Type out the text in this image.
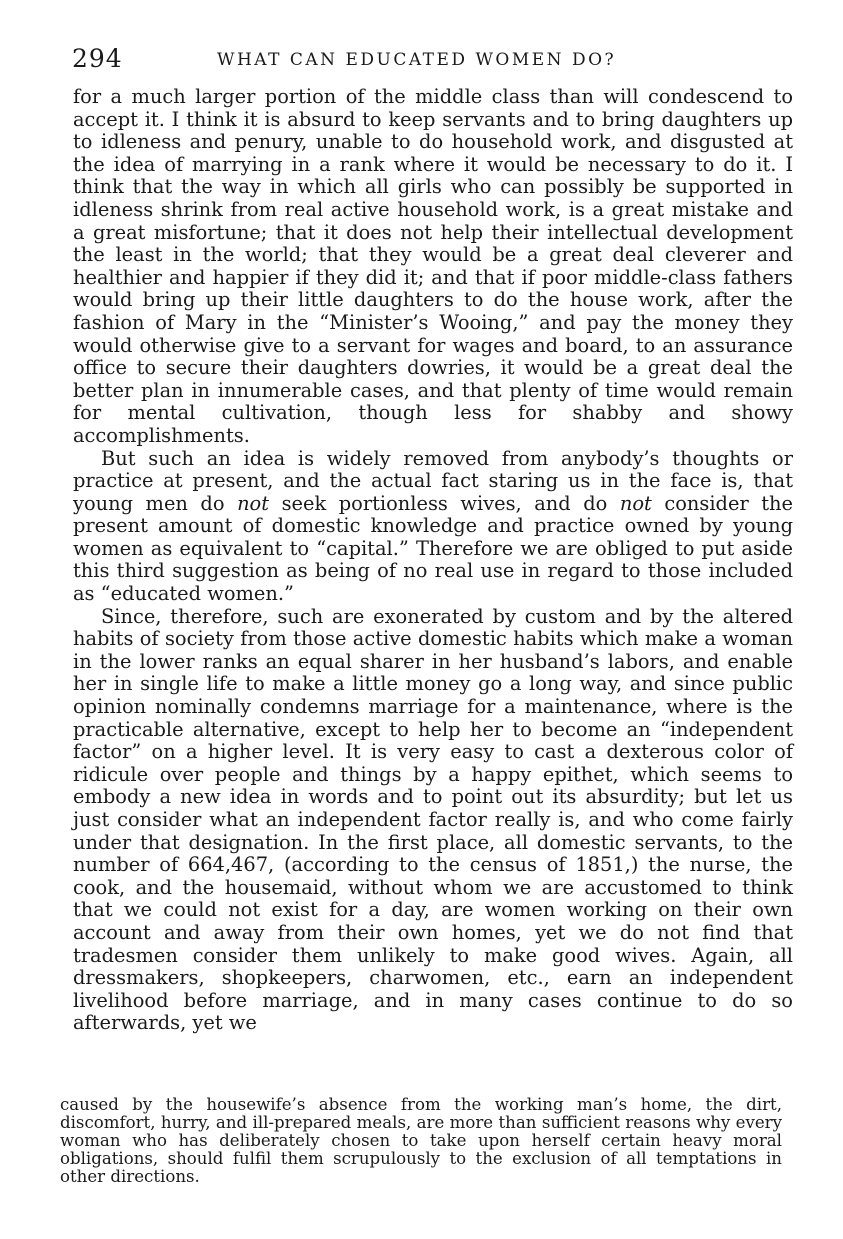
294	WHAT CAN EDUCATED WOMEN DO?

for a much larger portion of the middle class than will condescend to accept it. I think it is absurd to keep servants and to bring daughters up to idleness and penury, unable to do household work, and disgusted at the idea of marrying in a rank where it would be necessary to do it. I think that the way in which all girls who can possibly be supported in idleness shrink from real active household work, is a great mistake and a great misfortune; that it does not help their intellectual development the least in the world; that they would be a great deal cleverer and healthier and happier if they did it; and that if poor middle-class fathers would bring up their little daughters to do the house work, after the fashion of Mary in the “Minister’s Wooing,” and pay the money they would otherwise give to a servant for wages and board, to an assurance office to secure their daughters dowries, it would be a great deal the better plan in innumerable cases, and that plenty of time would remain for mental cultivation, though less for shabby and showy accomplishments.

But such an idea is widely removed from anybody’s thoughts or practice at present, and the actual fact staring us in the face is, that young men do not seek portionless wives, and do not consider the present amount of domestic knowledge and practice owned by young women as equivalent to “capital.” Therefore we are obliged to put aside this third suggestion as being of no real use in regard to those included as “educated women.”

Since, therefore, such are exonerated by custom and by the altered habits of society from those active domestic habits which make a woman in the lower ranks an equal sharer in her husband’s labors, and enable her in single life to make a little money go a long way, and since public opinion nominally condemns marriage for a maintenance, where is the practicable alternative, except to help her to become an “independent factor” on a higher level. It is very easy to cast a dexterous color of ridicule over people and things by a happy epithet, which seems to embody a new idea in words and to point out its absurdity; but let us just consider what an independent factor really is, and who come fairly under that designation. In the first place, all domestic servants, to the number of 664,467, (according to the census of 1851,) the nurse, the cook, and the housemaid, without whom we are accustomed to think that we could not exist for a day, are women working on their own account and away from their own homes, yet we do not find that tradesmen consider them unlikely to make good wives. Again, all dressmakers, shopkeepers, charwomen, etc., earn an independent livelihood before marriage, and in many cases continue to do so afterwards, yet we

caused by the housewife’s absence from the working man’s home, the dirt, discomfort, hurry, and ill-prepared meals, are more than sufficient reasons why every woman who has deliberately chosen to take upon herself certain heavy moral obligations, should fulfil them scrupulously to the exclusion of all temptations in other directions.
